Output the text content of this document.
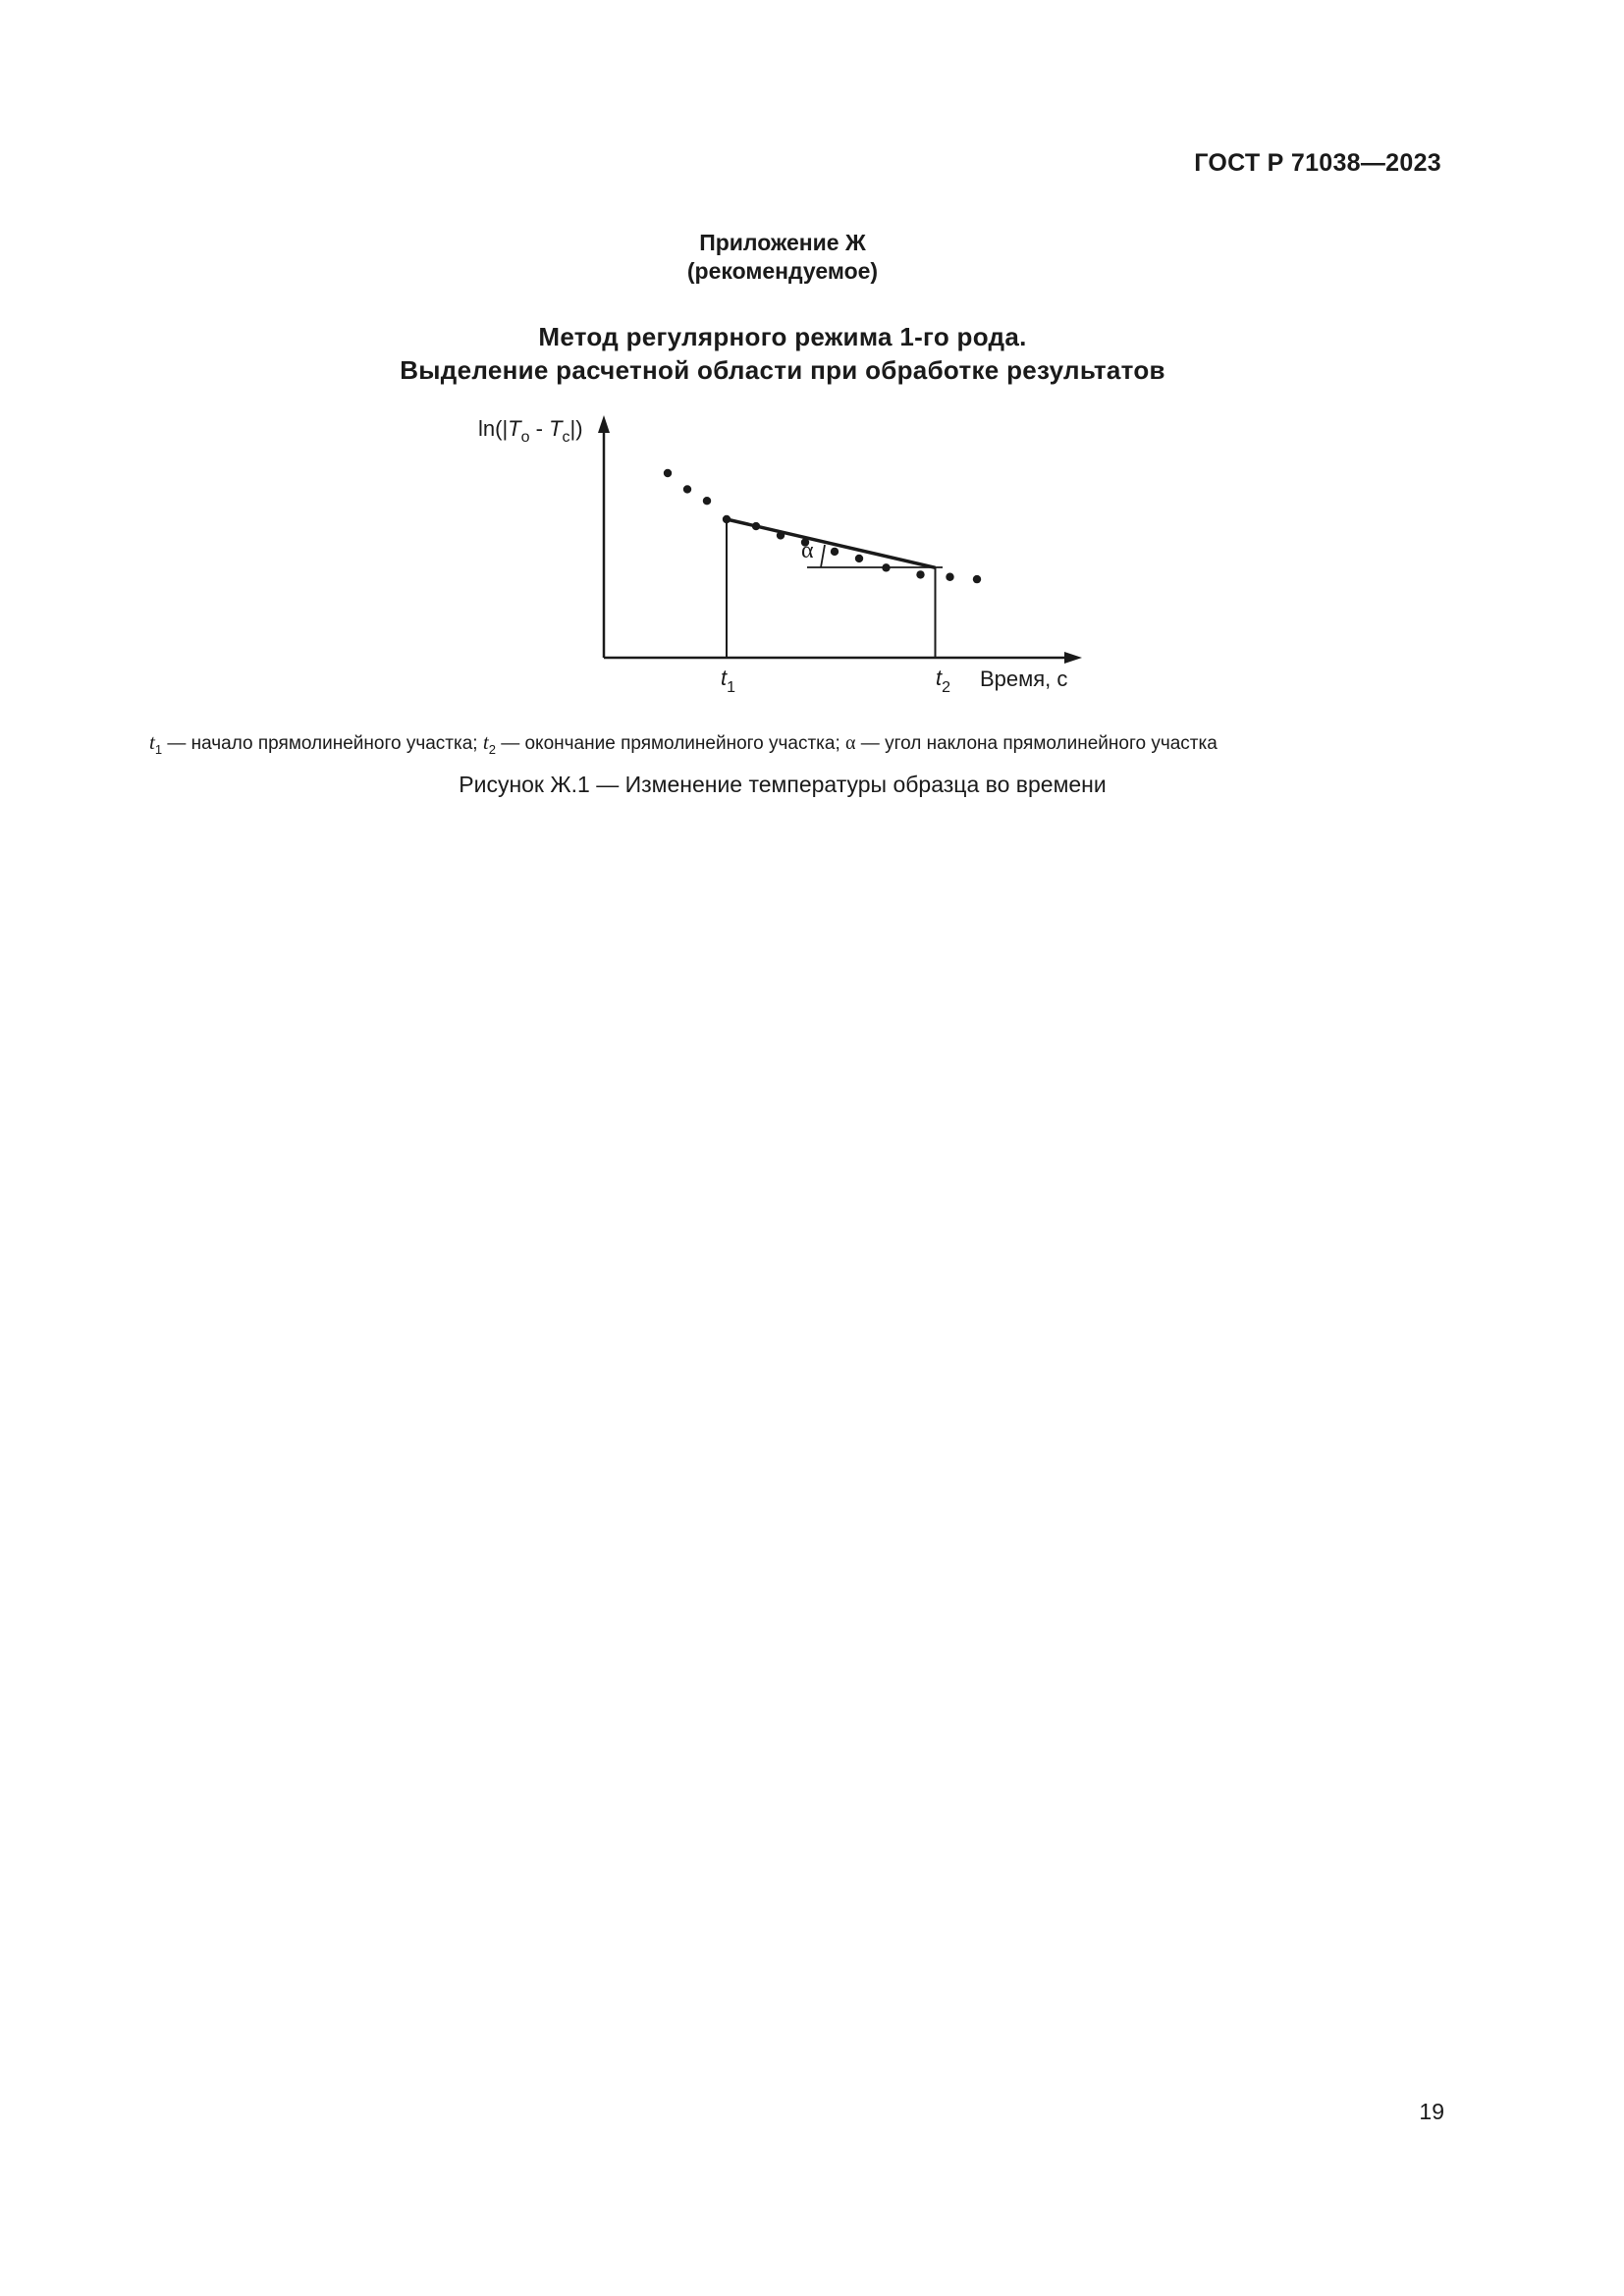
ГОСТ Р 71038—2023
Приложение Ж
(рекомендуемое)
Метод регулярного режима 1-го рода.
Выделение расчетной области при обработке результатов
$\ln(|T_o - T_c|)$
α
$t_1$	$t_2$ Время, с
$t_1$ — начало прямолинейного участка; $t_2$ — окончание прямолинейного участка; α — угол наклона прямолинейного участка
Рисунок Ж.1 — Изменение температуры образца во времени
19
